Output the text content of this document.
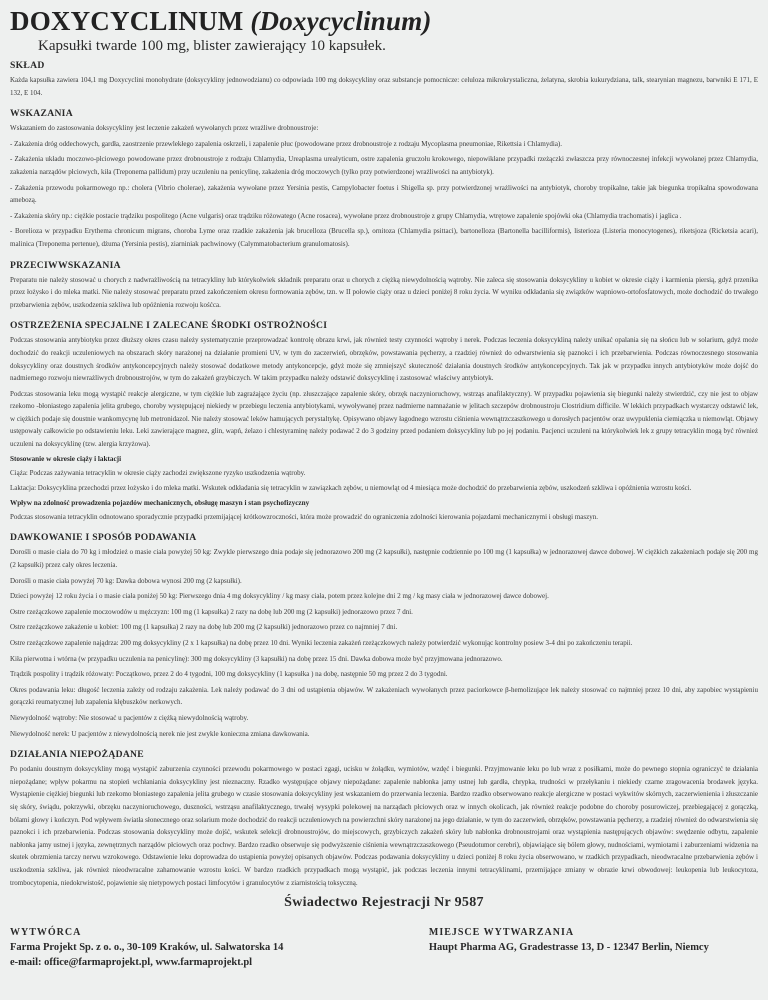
DOXYCYCLINUM (Doxycyclinum)
Kapsułki twarde 100 mg, blister zawierający 10 kapsułek.
SKŁAD
Każda kapsułka zawiera 104,1 mg Doxycyclini monohydrate (doksycykliny jednowodzianu) co odpowiada 100 mg doksycykliny oraz substancje pomocnicze: celuloza mikrokrystaliczna, żelatyna, skrobia kukurydziana, talk, stearynian magnezu, barwniki E 171, E 132, E 104.
WSKAZANIA
Wskazaniem do zastosowania doksycykliny jest leczenie zakażeń wywołanych przez wrażliwe drobnoustroje:
- Zakażenia dróg oddechowych, gardła, zaostrzenie przewlekłego zapalenia oskrzeli, i zapalenie płuc (powodowane przez drobnoustroje z rodzaju Mycoplasma pneumoniae, Rikettsia i Chlamydia).
- Zakażenia układu moczowo-płciowego powodowane przez drobnoustroje z rodzaju Chlamydia, Ureaplasma urealyticum, ostre zapalenia gruczołu krokowego, niepowikłane przypadki rzeżączki zwłaszcza przy równoczesnej infekcji wywołanej przez Chlamydia, zakażenia narządów płciowych, kiła (Treponema pallidum) przy uczuleniu na penicylinę, zakażenia dróg moczowych (tylko przy potwierdzonej wrażliwości na antybiotyk).
- Zakażenia przewodu pokarmowego np.: cholera (Vibrio cholerae), zakażenia wywołane przez Yersinia pestis, Campylobacter foetus i Shigella sp. przy potwierdzonej wrażliwości na antybiotyk, choroby tropikalne, takie jak biegunka tropikalna spowodowana amebozą.
- Zakażenia skóry np.: ciężkie postacie trądziku pospolitego (Acne vulgaris) oraz trądziku różowatego (Acne rosacea), wywołane przez drobnoustroje z grupy Chlamydia, wtrętowe zapalenie spojówki oka (Chlamydia trachomatis) i jaglica .
- Borelioza w przypadku Erythema chronicum migrans, choroba Lyme oraz rzadkie zakażenia jak brucelloza (Brucella sp.), ornitoza (Chlamydia psittaci), bartonelloza (Bartonella bacilliformis), listerioza (Listeria monocytogenes), riketsjoza (Ricketsia acari), malinica (Treponema pertenue), dżuma (Yersinia pestis), ziarniniak pachwinowy (Calymmatobacterium granulomatosis).
PRZECIWWSKAZANIA
Preparatu nie należy stosować u chorych z nadwrażliwością na tetracykliny lub którykolwiek składnik preparatu oraz u chorych z ciężką niewydolnością wątroby. Nie zaleca się stosowania doksycykliny u kobiet w okresie ciąży i karmienia piersią, gdyż przenika przez łożysko i do mleka matki. Nie należy stosować preparatu przed zakończeniem okresu formowania zębów, tzn. w II połowie ciąży oraz u dzieci poniżej 8 roku życia. W wyniku odkładania się związków wapniowo-ortofosfatowych, może dochodzić do trwałego przebarwienia zębów, uszkodzenia szkliwa lub opóźnienia rozwoju kośćca.
OSTRZEŻENIA SPECJALNE I ZALECANE ŚRODKI OSTROŻNOŚCI
Podczas stosowania antybiotyku przez dłuższy okres czasu należy systematycznie przeprowadzać kontrolę obrazu krwi, jak również testy czynności wątroby i nerek. Podczas leczenia doksycykliną należy unikać opalania się na słońcu lub w solarium, gdyż może dochodzić do reakcji uczuleniowych na obszarach skóry narażonej na działanie promieni UV, w tym do zaczerwień, obrzęków, powstawania pęcherzy, a rzadziej również do odwarstwienia się paznokci i ich przebarwienia. Podczas równoczesnego stosowania doksycykliny oraz doustnych środków antykoncepcyjnych należy stosować dodatkowe metody antykoncepcje, gdyż może się zmniejszyć skuteczność działania doustnych środków antykoncepcyjnych. Tak jak w przypadku innych antybiotyków może dojść do nadmiernego rozwoju niewrażliwych drobnoustrojów, w tym do zakażeń grzybiczych. W takim przypadku należy odstawić doksycyklinę i zastosować właściwy antybiotyk.
Podczas stosowania leku mogą wystąpić reakcje alergiczne, w tym ciężkie lub zagrażające życiu (np. złuszczające zapalenie skóry, obrzęk naczynioruchowy, wstrząs anafilaktyczny). W przypadku pojawienia się biegunki należy stwierdzić, czy nie jest to objaw rzekomo -błoniastego zapalenia jelita grubego, choroby występującej niekiedy w przebiegu leczenia antybiotykami, wywoływanej przez nadmierne namnażanie w jelitach szczepów drobnoustroju Clostridium difficile. W lekkich przypadkach wystarczy odstawić lek, w ciężkich podaje się doustnie wankomycynę lub metronidazol. Nie należy stosować leków hamujących perystaltykę. Opisywano objawy łagodnego wzrostu ciśnienia wewnątrzczaszkowego u dorosłych pacjentów oraz uwypuklenia ciemiączka u niemowląt. Objawy ustępowały całkowicie po odstawieniu leku. Leki zawierające magnez, glin, wapń, żelazo i chlestyraminę należy podawać 2 do 3 godziny przed podaniem doksycykliny lub po jej podaniu. Pacjenci uczuleni na którykolwiek lek z grupy tetracyklin mogą być również uczuleni na doksycyklinę (tzw. alergia krzyżowa).
Stosowanie w okresie ciąży i laktacji
Ciąża: Podczas zażywania tetracyklin w okresie ciąży zachodzi zwiększone ryzyko uszkodzenia wątroby.
Laktacja: Doksycyklina przechodzi przez łożysko i do mleka matki. Wskutek odkładania się tetracyklin w zawiązkach zębów, u niemowląt od 4 miesiąca może dochodzić do przebarwienia zębów, uszkodzeń szkliwa i opóźnienia wzrostu kości.
Wpływ na zdolność prowadzenia pojazdów mechanicznych, obsługę maszyn i stan psychofizyczny
Podczas stosowania tetracyklin odnotowano sporadycznie przypadki przemijającej krótkowzroczności, która może prowadzić do ograniczenia zdolności kierowania pojazdami mechanicznymi i obsługi maszyn.
DAWKOWANIE I SPOSÓB PODAWANIA
Dorośli o masie ciała do 70 kg i młodzież o masie ciała powyżej 50 kg: Zwykle pierwszego dnia podaje się jednorazowo 200 mg (2 kapsułki), następnie codziennie po 100 mg (1 kapsułka) w jednorazowej dawce dobowej. W ciężkich zakażeniach podaje się 200 mg (2 kapsułki) przez cały okres leczenia.
Dorośli o masie ciała powyżej 70 kg: Dawka dobowa wynosi 200 mg (2 kapsułki).
Dzieci powyżej 12 roku życia i o masie ciała poniżej 50 kg: Pierwszego dnia 4 mg doksycykliny / kg masy ciała, potem przez kolejne dni 2 mg / kg masy ciała w jednorazowej dawce dobowej.
Ostre rzeżączkowe zapalenie moczowodów u mężczyzn: 100 mg (1 kapsułka) 2 razy na dobę lub 200 mg (2 kapsułki) jednorazowo przez 7 dni.
Ostre rzeżączkowe zakażenie u kobiet: 100 mg (1 kapsułka) 2 razy na dobę lub 200 mg (2 kapsułki) jednorazowo przez co najmniej 7 dni.
Ostre rzeżączkowe zapalenie najądrza: 200 mg doksycykliny (2 x 1 kapsułka) na dobę przez 10 dni. Wyniki leczenia zakażeń rzeżączkowych należy potwierdzić wykonując kontrolny posiew 3-4 dni po zakończeniu terapii.
Kiła pierwotna i wtórna (w przypadku uczulenia na penicylinę): 300 mg doksycykliny (3 kapsułki) na dobę przez 15 dni. Dawka dobowa może być przyjmowana jednorazowo.
Trądzik pospolity i trądzik różowaty: Początkowo, przez 2 do 4 tygodni, 100 mg doksycykliny (1 kapsułka ) na dobę, następnie 50 mg przez 2 do 3 tygodni.
Okres podawania leku: długość leczenia zależy od rodzaju zakażenia. Lek należy podawać do 3 dni od ustąpienia objawów. W zakażeniach wywołanych przez paciorkowce β-hemolizujące lek należy stosować co najmniej przez 10 dni, aby zapobiec wystąpieniu gorączki reumatycznej lub zapalenia kłębuszków nerkowych.
Niewydolność wątroby: Nie stosować u pacjentów z ciężką niewydolnością wątroby.
Niewydolność nerek: U pacjentów z niewydolnością nerek nie jest zwykle konieczna zmiana dawkowania.
DZIAŁANIA NIEPOŻĄDANE
Po podaniu doustnym doksycykliny mogą wystąpić zaburzenia czynności przewodu pokarmowego w postaci zgagi, ucisku w żołądku, wymiotów, wzdęć i biegunki. Przyjmowanie leku po lub wraz z posiłkami, może do pewnego stopnia ograniczyć te działania niepożądane; wpływ pokarmu na stopień wchłaniania doksycykliny jest nieznaczny. Rzadko występujące objawy niepożądane: zapalenie nabłonka jamy ustnej lub gardła, chrypka, trudności w przełykaniu i niekiedy czarne zragowacenia brodawek języka. Wystąpienie ciężkiej biegunki lub rzekomo błoniastego zapalenia jelita grubego w czasie stosowania doksycykliny jest wskazaniem do przerwania leczenia. Bardzo rzadko obserwowano reakcje alergiczne w postaci wykwitów skórnych, zaczerwienienia i złuszczanie się skóry, świądu, pokrzywki, obrzęku naczynioruchowego, duszności, wstrząsu anafilaktycznego, trwałej wysypki polekowej na narządach płciowych oraz w innych okolicach, jak również reakcje podobne do choroby posurowiczej, przebiegającej z gorączką, bólami głowy i kończyn. Pod wpływem światła słonecznego oraz solarium może dochodzić do reakcji uczuleniowych na powierzchni skóry narażonej na jego działanie, w tym do zaczerwień, obrzęków, powstawania pęcherzy, a rzadziej również do odwarstwienia się paznokci i ich przebarwienia. Podczas stosowania doksycykliny może dojść, wskutek selekcji drobnoustrojów, do miejscowych, grzybiczych zakażeń skóry lub nabłonka drobnoustrojami oraz wystąpienia następujących objawów: swędzenie odbytu, zapalenie nabłonka jamy ustnej i języka, zewnętrznych narządów płciowych oraz pochwy. Bardzo rzadko obserwuje się podwyższenie ciśnienia wewnątrzczaszkowego (Pseudotumor cerebri), objawiające się bólem głowy, nudnościami, wymiotami i zaburzeniami widzenia na skutek obrzmienia tarczy nerwu wzrokowego. Odstawienie leku doprowadza do ustąpienia powyżej opisanych objawów. Podczas podawania doksycykliny u dzieci poniżej 8 roku życia obserwowano, w rzadkich przypadkach, nieodwracalne przebarwienia zębów i uszkodzenia szkliwa, jak również nieodwracalne zahamowanie wzrostu kości. W bardzo rzadkich przypadkach mogą wystąpić, jak podczas leczenia innymi tetracyklinami, przemijające zmiany w obrazie krwi obwodowej: leukopenia lub leukocytoza, trombocytopenia, niedokrwistość, pojawienie się nietypowych postaci limfocytów i granulocytów z ziarnistością toksyczną.
Świadectwo Rejestracji Nr 9587
WYTWÓRCA
Farma Projekt Sp. z o. o., 30-109 Kraków, ul. Salwatorska 14
e-mail: office@farmaprojekt.pl, www.farmaprojekt.pl
MIEJSCE WYTWARZANIA
Haupt Pharma AG, Gradestrasse 13, D - 12347 Berlin, Niemcy
